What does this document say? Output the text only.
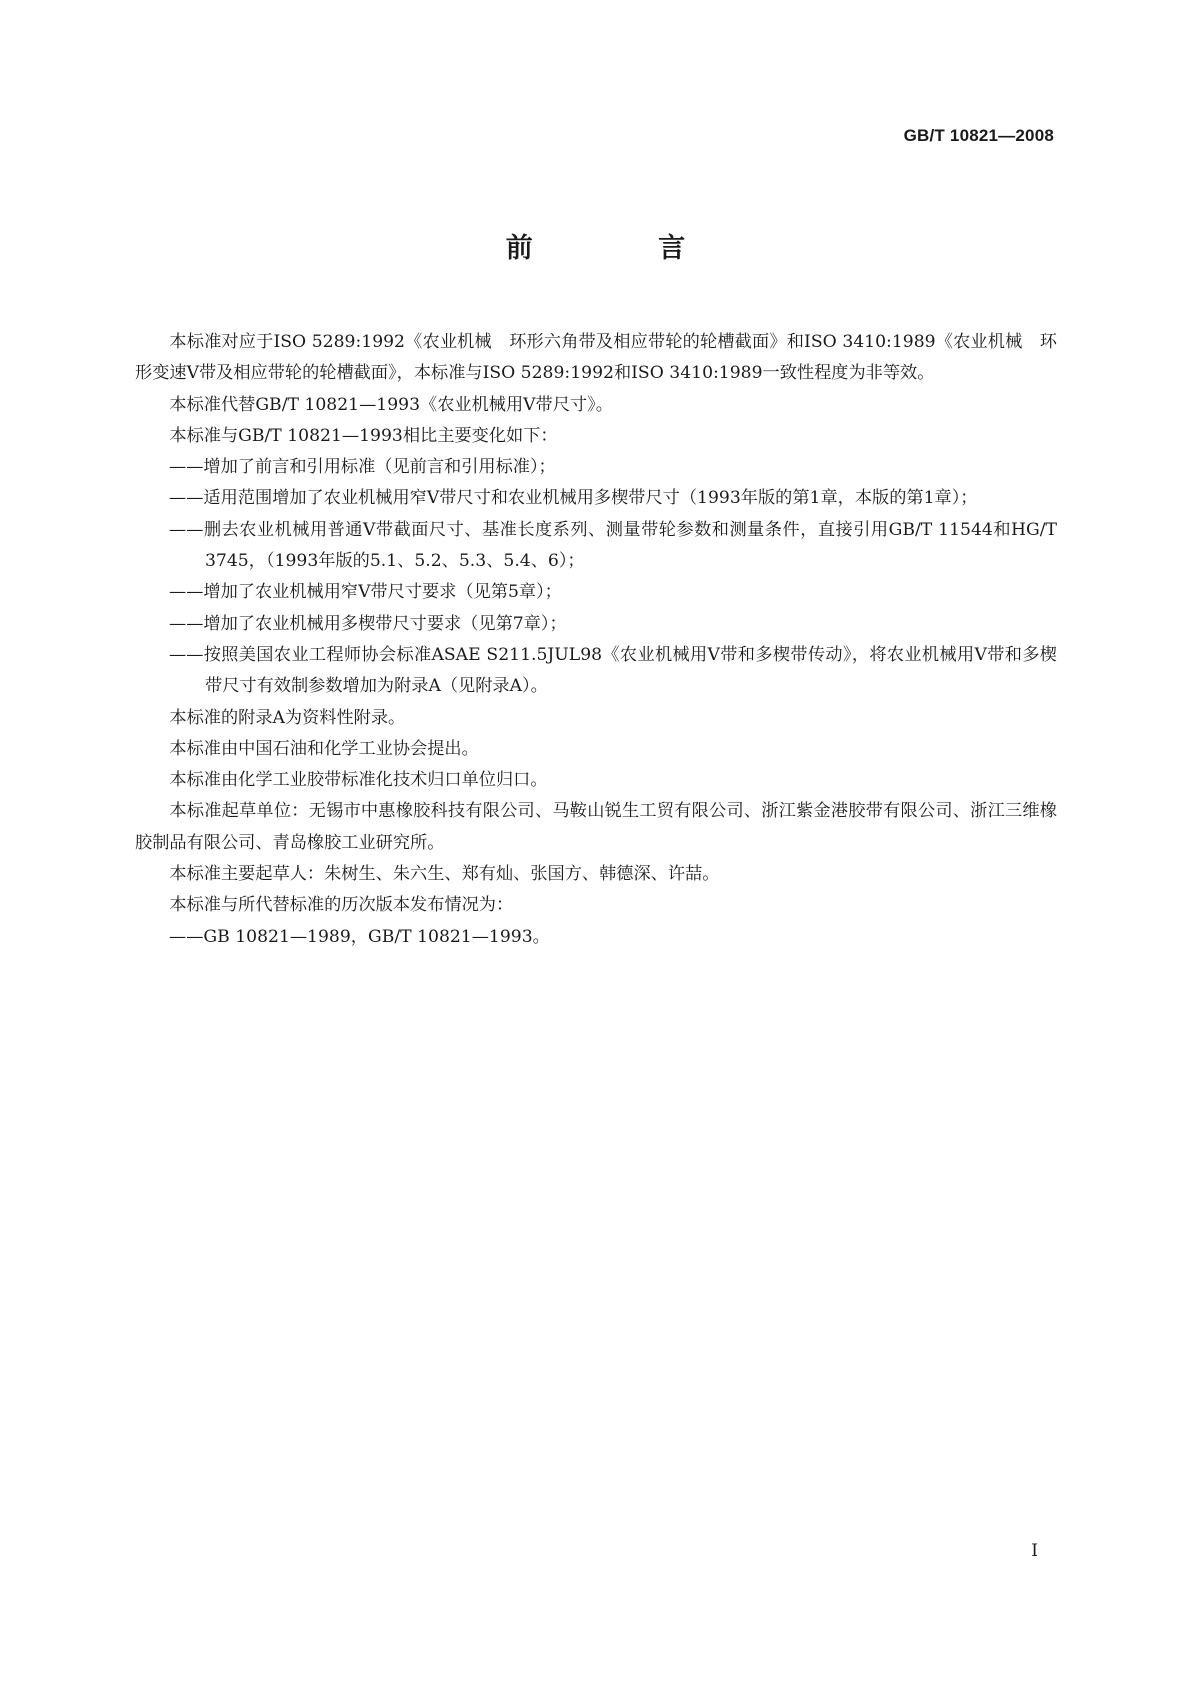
GB/T 10821—2008
前 言

本标准对应于ISO 5289:1992《农业机械　环形六角带及相应带轮的轮槽截面》和ISO 3410:1989《农业机械　环形变速V带及相应带轮的轮槽截面》，本标准与ISO 5289:1992和ISO 3410:1989一致性程度为非等效。

本标准代替GB/T 10821—1993《农业机械用V带尺寸》。

本标准与GB/T 10821—1993相比主要变化如下：

——增加了前言和引用标准（见前言和引用标准）；

——适用范围增加了农业机械用窄V带尺寸和农业机械用多楔带尺寸（1993年版的第1章，本版的第1章）；

——删去农业机械用普通V带截面尺寸、基准长度系列、测量带轮参数和测量条件，直接引用GB/T 11544和HG/T 3745，（1993年版的5.1、5.2、5.3、5.4、6）；

——增加了农业机械用窄V带尺寸要求（见第5章）；

——增加了农业机械用多楔带尺寸要求（见第7章）；

——按照美国农业工程师协会标准ASAE S211.5JUL98《农业机械用V带和多楔带传动》，将农业机械用V带和多楔带尺寸有效制参数增加为附录A（见附录A）。

本标准的附录A为资料性附录。

本标准由中国石油和化学工业协会提出。

本标准由化学工业胶带标准化技术归口单位归口。

本标准起草单位：无锡市中惠橡胶科技有限公司、马鞍山锐生工贸有限公司、浙江紫金港胶带有限公司、浙江三维橡胶制品有限公司、青岛橡胶工业研究所。

本标准主要起草人：朱树生、朱六生、郑有灿、张国方、韩德深、许喆。

本标准与所代替标准的历次版本发布情况为：

——GB 10821—1989，GB/T 10821—1993。

I
